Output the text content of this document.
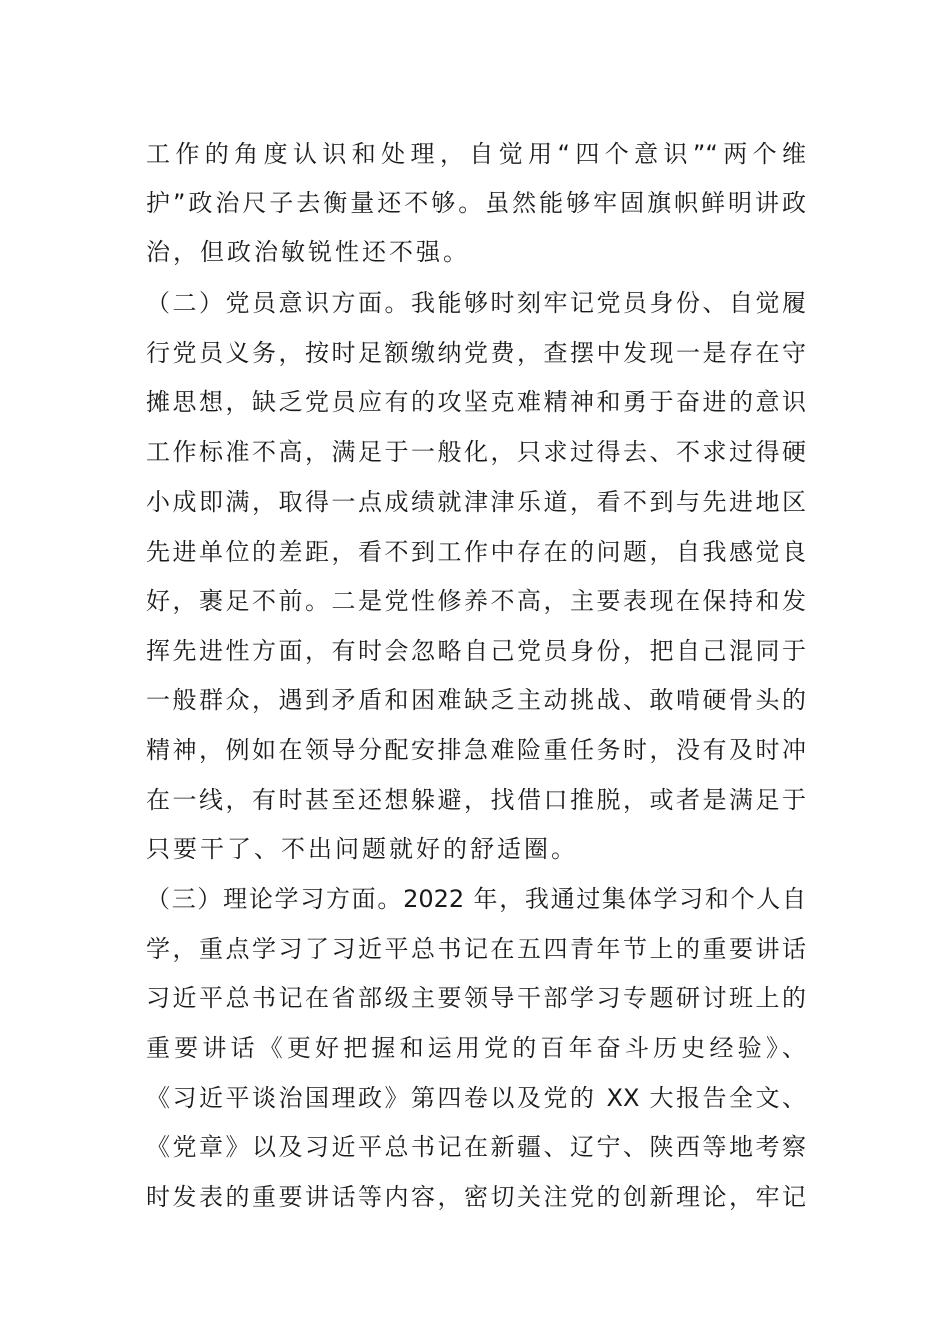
工作的角度认识和处理，自觉用“四个意识”“两个维
护”政治尺子去衡量还不够。虽然能够牢固旗帜鲜明讲政
治，但政治敏锐性还不强。
（二）党员意识方面。我能够时刻牢记党员身份、自觉履
行党员义务，按时足额缴纳党费，查摆中发现一是存在守
摊思想，缺乏党员应有的攻坚克难精神和勇于奋进的意识
工作标准不高，满足于一般化，只求过得去、不求过得硬
小成即满，取得一点成绩就津津乐道，看不到与先进地区
先进单位的差距，看不到工作中存在的问题，自我感觉良
好，裹足不前。二是党性修养不高，主要表现在保持和发
挥先进性方面，有时会忽略自己党员身份，把自己混同于
一般群众，遇到矛盾和困难缺乏主动挑战、敢啃硬骨头的
精神，例如在领导分配安排急难险重任务时，没有及时冲
在一线，有时甚至还想躲避，找借口推脱，或者是满足于
只要干了、不出问题就好的舒适圈。
（三）理论学习方面。2022 年，我通过集体学习和个人自
学，重点学习了习近平总书记在五四青年节上的重要讲话
习近平总书记在省部级主要领导干部学习专题研讨班上的
重要讲话《更好把握和运用党的百年奋斗历史经验》、
《习近平谈治国理政》第四卷以及党的 XX 大报告全文、
《党章》以及习近平总书记在新疆、辽宁、陕西等地考察
时发表的重要讲话等内容，密切关注党的创新理论，牢记
